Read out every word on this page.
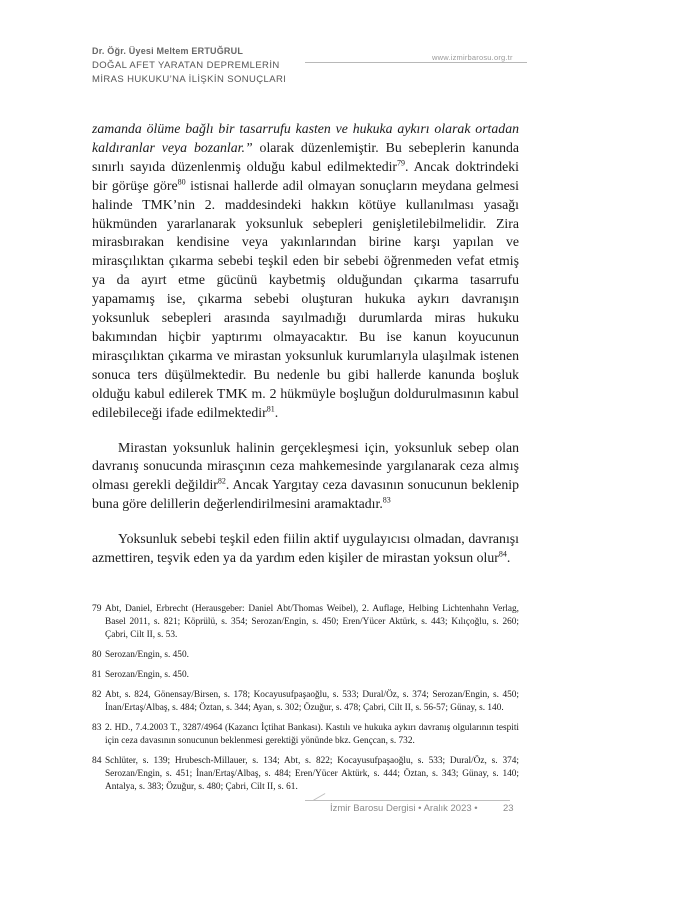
Dr. Öğr. Üyesi Meltem ERTUĞRUL
DOĞAL AFET YARATAN DEPREMLERİN
MİRAS HUKUKU’NA İLİŞKİN SONUÇLARI
www.izmirbarosu.org.tr

zamanda ölüme bağlı bir tasarrufu kasten ve hukuka aykırı olarak ortadan kaldıranlar veya bozanlar.” olarak düzenlemiştir. Bu sebeplerin kanunda sınırlı sayıda düzenlenmiş olduğu kabul edilmektedir$^{79}$. Ancak doktrindeki bir görüşe göre$^{80}$ istisnai hallerde adil olmayan sonuçların meydana gelmesi halinde TMK’nin 2. maddesindeki hakkın kötüye kullanılması yasağı hükmünden yararlanarak yoksunluk sebepleri genişletilebilmelidir. Zira mirasbırakan kendisine veya yakınlarından birine karşı yapılan ve mirasçılıktan çıkarma sebebi teşkil eden bir sebebi öğrenmeden vefat etmiş ya da ayırt etme gücünü kaybetmiş olduğundan çıkarma tasarrufu yapamamış ise, çıkarma sebebi oluşturan hukuka aykırı davranışın yoksunluk sebepleri arasında sayılmadığı durumlarda miras hukuku bakımından hiçbir yaptırımı olmayacaktır. Bu ise kanun koyucunun mirasçılıktan çıkarma ve mirastan yoksunluk kurumlarıyla ulaşılmak istenen sonuca ters düşülmektedir. Bu nedenle bu gibi hallerde kanunda boşluk olduğu kabul edilerek TMK m. 2 hükmüyle boşluğun doldurulmasının kabul edilebileceği ifade edilmektedir$^{81}$.

Mirastan yoksunluk halinin gerçekleşmesi için, yoksunluk sebep olan davranış sonucunda mirasçının ceza mahkemesinde yargılanarak ceza almış olması gerekli değildir$^{82}$. Ancak Yargıtay ceza davasının sonucunun beklenip buna göre delillerin değerlendirilmesini aramaktadır.$^{83}$

Yoksunluk sebebi teşkil eden fiilin aktif uygulayıcısı olmadan, davranışı azmettiren, teşvik eden ya da yardım eden kişiler de mirastan yoksun olur$^{84}$.

79 Abt, Daniel, Erbrecht (Herausgeber: Daniel Abt/Thomas Weibel), 2. Auflage, Helbing Lichtenhahn Verlag, Basel 2011, s. 821; Köprülü, s. 354; Serozan/Engin, s. 450; Eren/Yücer Aktürk, s. 443; Kılıçoğlu, s. 260; Çabri, Cilt II, s. 53.
80 Serozan/Engin, s. 450.
81 Serozan/Engin, s. 450.
82 Abt, s. 824, Gönensay/Birsen, s. 178; Kocayusufpaşaoğlu, s. 533; Dural/Öz, s. 374; Serozan/Engin, s. 450; İnan/Ertaş/Albaş, s. 484; Öztan, s. 344; Ayan, s. 302; Özuğur, s. 478; Çabri, Cilt II, s. 56-57; Günay, s. 140.
83 2. HD., 7.4.2003 T., 3287/4964 (Kazancı İçtihat Bankası). Kastılı ve hukuka aykırı davranış olgularının tespiti için ceza davasının sonucunun beklenmesi gerektiği yönünde bkz. Gençcan, s. 732.
84 Schlüter, s. 139; Hrubesch-Millauer, s. 134; Abt, s. 822; Kocayusufpaşaoğlu, s. 533; Dural/Öz, s. 374; Serozan/Engin, s. 451; İnan/Ertaş/Albaş, s. 484; Eren/Yücer Aktürk, s. 444; Öztan, s. 343; Günay, s. 140; Antalya, s. 383; Özuğur, s. 480; Çabri, Cilt II, s. 61.
İzmir Barosu Dergisi • Aralık 2023 •	23
